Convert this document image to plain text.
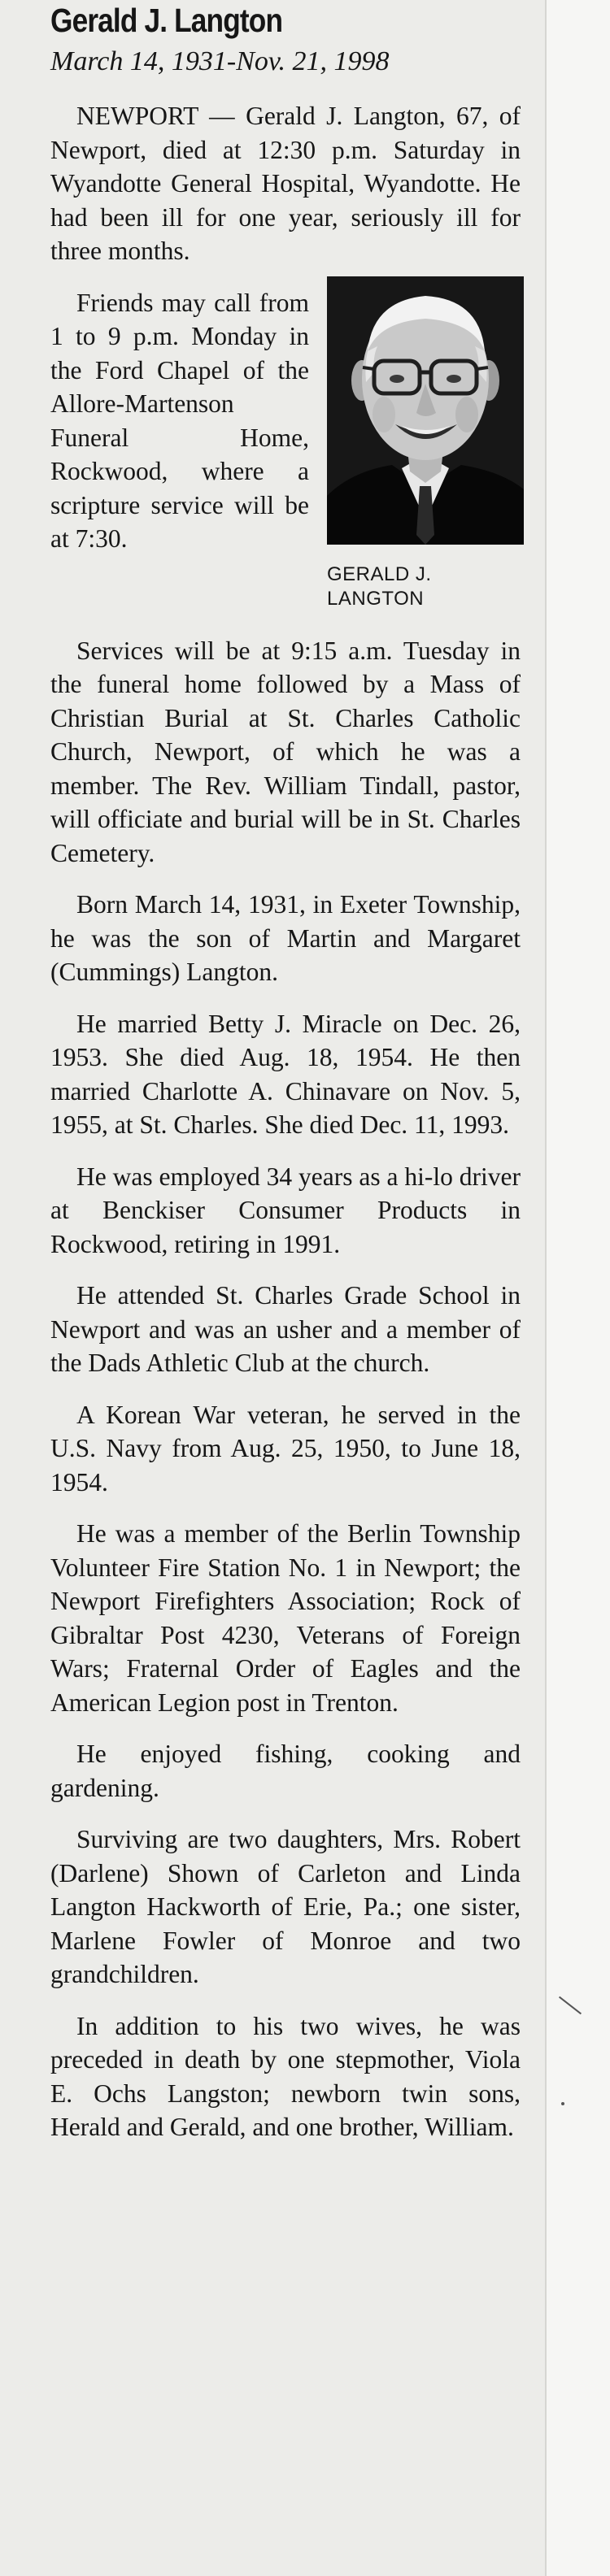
Gerald J. Langton
March 14, 1931-Nov. 21, 1998

NEWPORT — Gerald J. Langton, 67, of Newport, died at 12:30 p.m. Saturday in Wyandotte General Hospital, Wyandotte. He had been ill for one year, seriously ill for three months.

GERALD J.
LANGTON

Friends may call from 1 to 9 p.m. Monday in the Ford Chapel of the Allore-Martenson Funeral Home, Rockwood, where a scripture service will be at 7:30.

Services will be at 9:15 a.m. Tuesday in the funeral home followed by a Mass of Christian Burial at St. Charles Catholic Church, Newport, of which he was a member. The Rev. William Tindall, pastor, will officiate and burial will be in St. Charles Cemetery.

Born March 14, 1931, in Exeter Township, he was the son of Martin and Margaret (Cummings) Langton.

He married Betty J. Miracle on Dec. 26, 1953. She died Aug. 18, 1954. He then married Charlotte A. Chinavare on Nov. 5, 1955, at St. Charles. She died Dec. 11, 1993.

He was employed 34 years as a hi-lo driver at Benckiser Consumer Products in Rockwood, retiring in 1991.

He attended St. Charles Grade School in Newport and was an usher and a member of the Dads Athletic Club at the church.

A Korean War veteran, he served in the U.S. Navy from Aug. 25, 1950, to June 18, 1954.

He was a member of the Berlin Township Volunteer Fire Station No. 1 in Newport; the Newport Firefighters Association; Rock of Gibraltar Post 4230, Veterans of Foreign Wars; Fraternal Order of Eagles and the American Legion post in Trenton.

He enjoyed fishing, cooking and gardening.

Surviving are two daughters, Mrs. Robert (Darlene) Shown of Carleton and Linda Langton Hackworth of Erie, Pa.; one sister, Marlene Fowler of Monroe and two grandchildren.

In addition to his two wives, he was preceded in death by one stepmother, Viola E. Ochs Langston; newborn twin sons, Herald and Gerald, and one brother, William.
